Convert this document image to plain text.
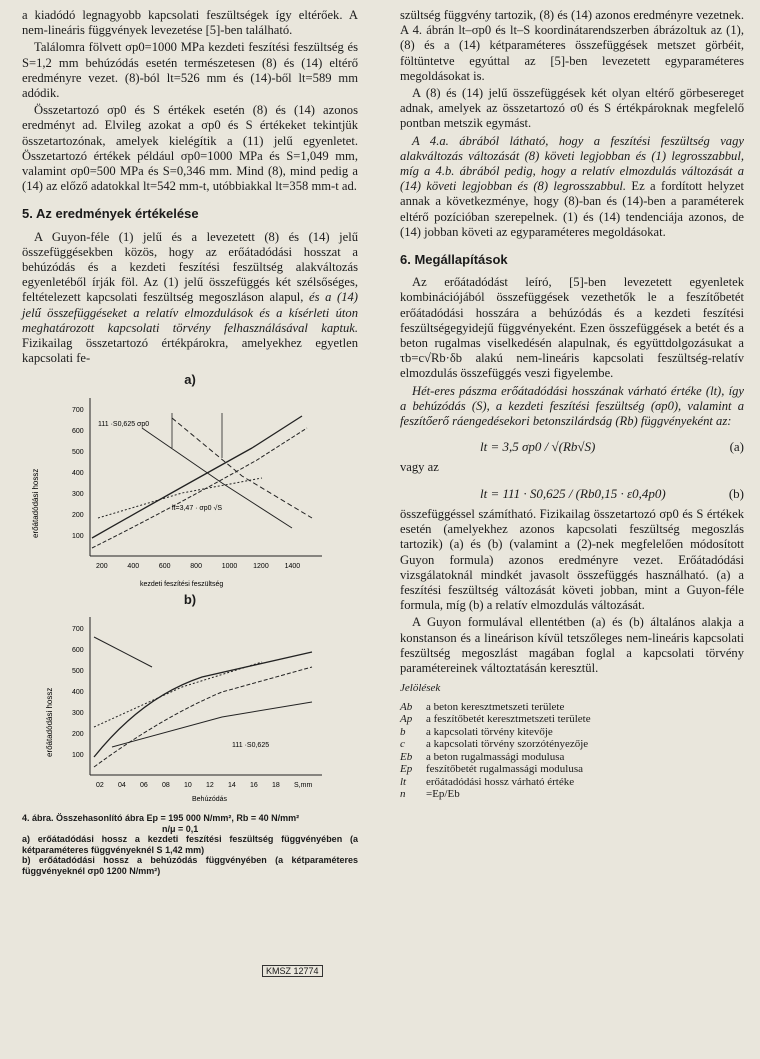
a kiadódó legnagyobb kapcsolati feszültségek így eltérőek. A nem-lineáris függvények levezetése [5]-ben található.

Találomra fölvett σp0=1000 MPa kezdeti feszítési feszültség és S=1,2 mm behúzódás esetén természetesen (8) és (14) eltérő eredményre vezet. (8)-ból lt=526 mm és (14)-ből lt=589 mm adódik.

Összetartozó σp0 és S értékek esetén (8) és (14) azonos eredményt ad. Elvileg azokat a σp0 és S értékeket tekintjük összetartozónak, amelyek kielégítik a (11) jelű egyenletet. Összetartozó értékek például σp0=1000 MPa és S=1,049 mm, valamint σp0=500 MPa és S=0,346 mm. Mind (8), mind pedig a (14) az előző adatokkal lt=542 mm-t, utóbbiakkal lt=358 mm-t ad.

5. Az eredmények értékelése

A Guyon-féle (1) jelű és a levezetett (8) és (14) jelű összefüggésekben közös, hogy az erőátadódási hosszat a behúzódás és a kezdeti feszítési feszültség alakváltozás egyenletéből írják föl. Az (1) jelű összefüggés két szélsőséges, feltételezett kapcsolati feszültség megoszláson alapul, és a (14) jelű összefüggéseket a relatív elmozdulások és a kísérleti úton meghatározott kapcsolati törvény felhasználásával kaptuk. Fizikailag összetartozó értékpárokra, amelyekhez egyetlen kapcsolati fe-

a)
erőátadódási hossz
700
600
500
400
300
200
100
200	400	600	800	1000 1200 1400
111 ·S0,625 σp0
lt=3,47 · σp0 √S
kezdeti feszítési feszültség
b)
erőátadódási hossz
700
600
500
400
300
200
100
02 04 06 08 10 12 14 16 18 S,mm
111 ·S0,625
Behúzódás
4. ábra. Összehasonlító ábra Ep = 195 000 N/mm², Rb = 40 N/mm²
n/μ = 0,1
a) erőátadódási hossz a kezdeti feszítési feszültség függvényében (a kétparaméteres függvényeknél S 1,42 mm)
b) erőátadódási hossz a behúzódás függvényében (a kétparaméteres függvényeknél σp0 1200 N/mm²)
KMSZ 12774

szültség függvény tartozik, (8) és (14) azonos eredményre vezetnek. A 4. ábrán lt–σp0 és lt–S koordinátarendszerben ábrázoltuk az (1), (8) és a (14) kétparaméteres összefüggések metszet görbéit, föltüntetve egyúttal az [5]-ben levezetett egyparaméteres megoldásokat is.

A (8) és (14) jelű összefüggések két olyan eltérő görbesereget adnak, amelyek az összetartozó σ0 és S értékpároknak megfelelő pontban metszik egymást.

A 4.a. ábrából látható, hogy a feszítési feszültség vagy alakváltozás változását (8) követi legjobban és (1) legrosszabbul, míg a 4.b. ábrából pedig, hogy a relatív elmozdulás változását a (14) követi legjobban és (8) legrosszabbul. Ez a fordított helyzet annak a következménye, hogy (8)-ban és (14)-ben a paraméterek eltérő pozícióban szerepelnek. (1) és (14) tendenciája azonos, de (14) jobban követi az egyparaméteres megoldásokat.

6. Megállapítások

Az erőátadódást leíró, [5]-ben levezetett egyenletek kombinációjából összefüggések vezethetők le a feszítőbetét erőátadódási hosszára a behúzódás és a kezdeti feszítési feszültségegyidejű függvényeként. Ezen összefüggések a betét és a beton rugalmas viselkedésén alapulnak, és együttdolgozásukat a τb=c√Rb·δb alakú nem-lineáris kapcsolati feszültség-relatív elmozdulás összefüggés veszi figyelembe.

Hét-eres pászma erőátadódási hosszának várható értéke (lt), így a behúzódás (S), a kezdeti feszítési feszültség (σp0), valamint a feszítőerő ráengedésekori betonszilárdság (Rb) függvényeként az:

lt = 3,5 σp0 / √(Rb√S)	(a)

vagy az

lt = 111 · S0,625 / (Rb0,15 · ε0,4p0)	(b)

összefüggéssel számítható. Fizikailag összetartozó σp0 és S értékek esetén (amelyekhez azonos kapcsolati feszültség megoszlás tartozik) (a) és (b) (valamint a (2)-nek megfelelően módosított Guyon formula) azonos eredményre vezet. Erőátadódási vizsgálatoknál mindkét javasolt összefüggés használható. (a) a feszítési feszültség változását követi jobban, mint a Guyon-féle formula, míg (b) a relatív elmozdulás változását.

A Guyon formulával ellentétben (a) és (b) általános alakja a konstanson és a lineárison kívül tetszőleges nem-lineáris kapcsolati feszültség megoszlást magában foglal a kapcsolati törvény paramétereinek változtatásán keresztül.

Jelölések
Ab	a beton keresztmetszeti területe
Ap	a feszítőbetét keresztmetszeti területe
b	a kapcsolati törvény kitevője
c	a kapcsolati törvény szorzótényezője
Eb	a beton rugalmassági modulusa
Ep	feszítőbetét rugalmassági modulusa
lt	erőátadódási hossz várható értéke
n	=Ep/Eb
